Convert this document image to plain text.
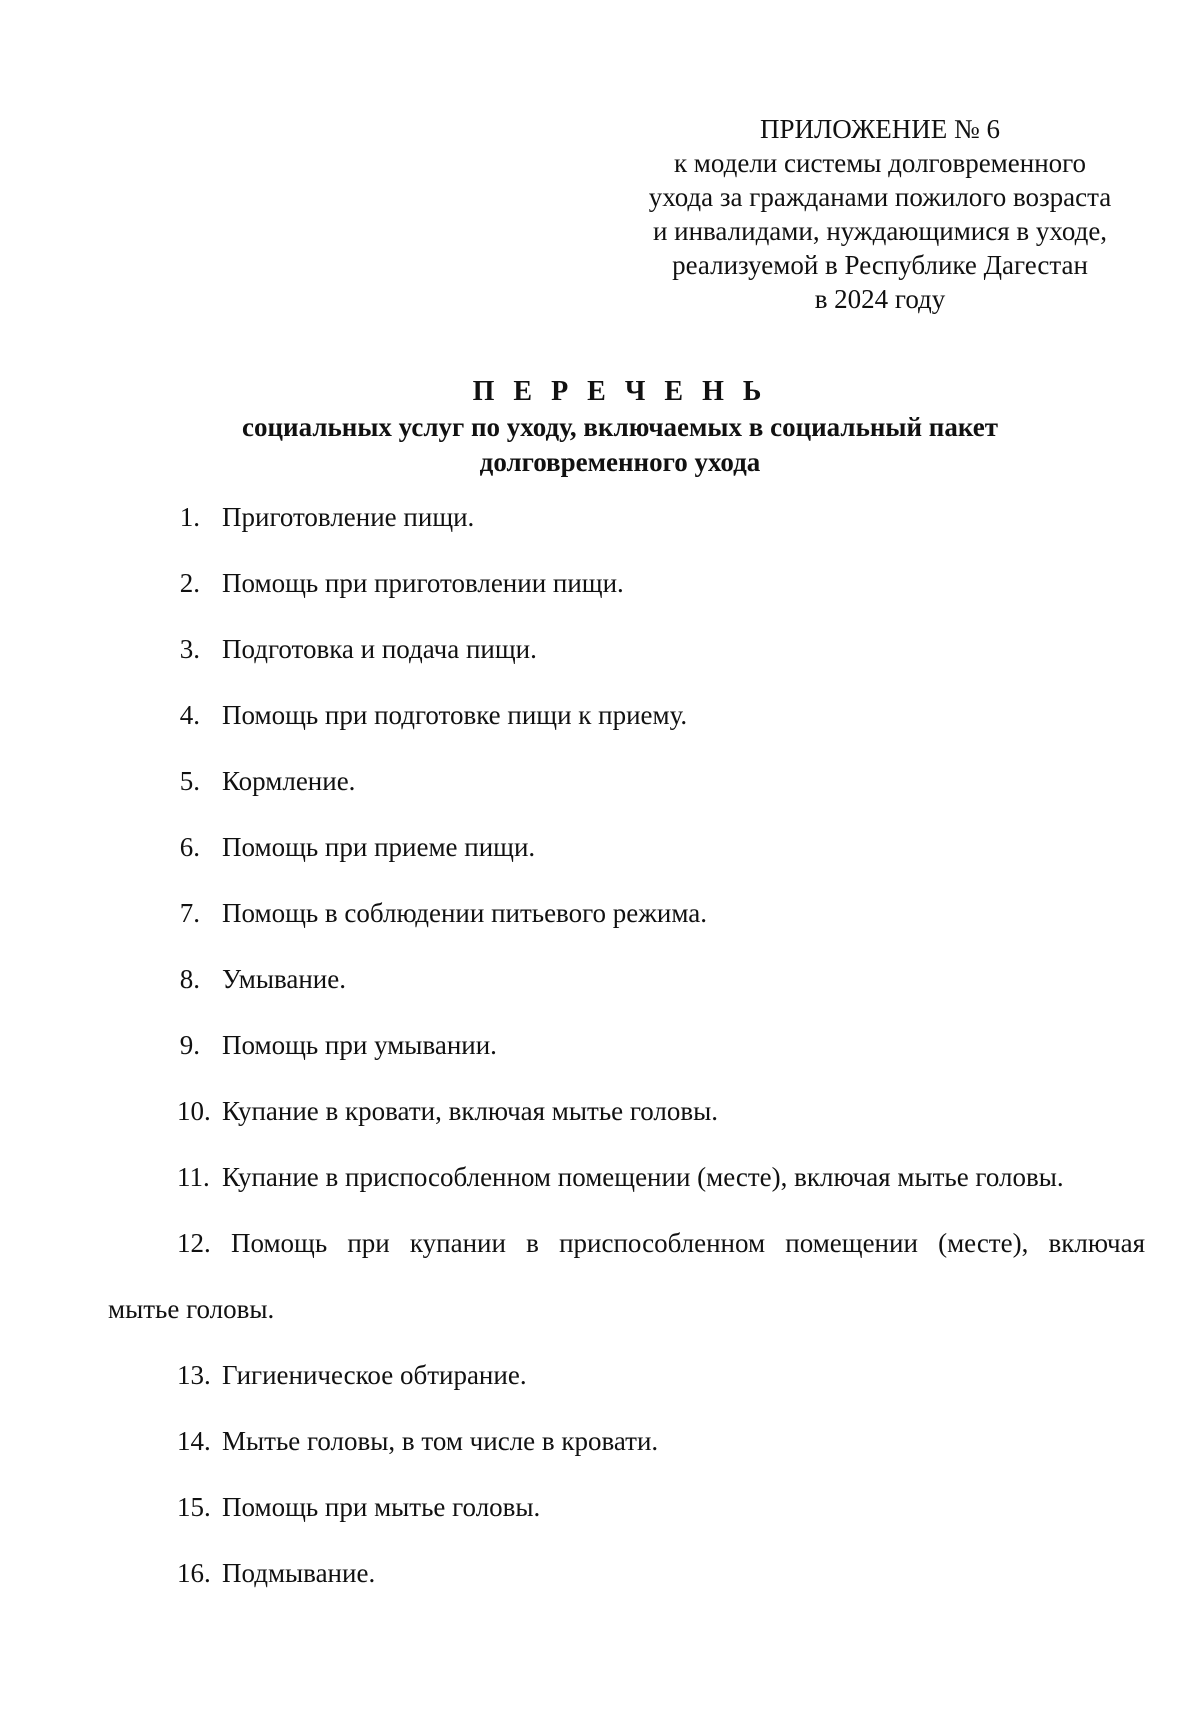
ПРИЛОЖЕНИЕ № 6
к модели системы долговременного
ухода за гражданами пожилого возраста
и инвалидами, нуждающимися в уходе,
реализуемой в Республике Дагестан
в 2024 году
П Е Р Е Ч Е Н Ь
социальных услуг по уходу, включаемых в социальный пакет
долговременного ухода
1. Приготовление пищи.
2. Помощь при приготовлении пищи.
3. Подготовка и подача пищи.
4. Помощь при подготовке пищи к приему.
5. Кормление.
6. Помощь при приеме пищи.
7. Помощь в соблюдении питьевого режима.
8. Умывание.
9. Помощь при умывании.
10. Купание в кровати, включая мытье головы.
11. Купание в приспособленном помещении (месте), включая мытье головы.
12. Помощь при купании в приспособленном помещении (месте), включая
мытье головы.
13. Гигиеническое обтирание.
14. Мытье головы, в том числе в кровати.
15. Помощь при мытье головы.
16. Подмывание.
